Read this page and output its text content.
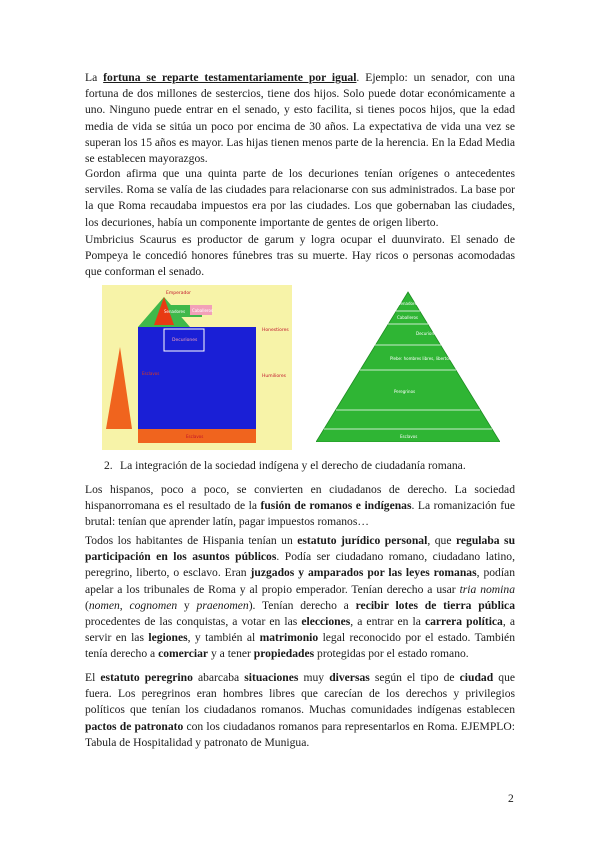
La fortuna se reparte testamentariamente por igual. Ejemplo: un senador, con una fortuna de dos millones de sestercios, tiene dos hijos. Solo puede dotar económicamente a uno. Ninguno puede entrar en el senado, y esto facilita, si tienes pocos hijos, que la edad media de vida se sitúa un poco por encima de 30 años. La expectativa de vida una vez se superan los 15 años es mayor. Las hijas tienen menos parte de la herencia. En la Edad Media se establecen mayorazgos.

Gordon afirma que una quinta parte de los decuriones tenían orígenes o antecedentes serviles. Roma se valía de las ciudades para relacionarse con sus administrados. La base por la que Roma recaudaba impuestos era por las ciudades. Los que gobernaban las ciudades, los decuriones, había un componente importante de gentes de origen liberto.

Umbricius Scaurus es productor de garum y logra ocupar el duunvirato. El senado de Pompeya le concedió honores fúnebres tras su muerte. Hay ricos o personas acomodadas que conforman el senado.

Emperador
Senadores Caballeros
Decuriones
Honestiores
Humiliores
Esclavos
Esclavos
Senadores
Caballeros
Decuriones (elite municipal)
Plebe: hombres libres, libertos
Peregrinos
Esclavos
2. La integración de la sociedad indígena y el derecho de ciudadanía romana.

Los hispanos, poco a poco, se convierten en ciudadanos de derecho. La sociedad hispanorromana es el resultado de la fusión de romanos e indígenas. La romanización fue brutal: tenían que aprender latín, pagar impuestos romanos…

Todos los habitantes de Hispania tenían un estatuto jurídico personal, que regulaba su participación en los asuntos públicos. Podía ser ciudadano romano, ciudadano latino, peregrino, liberto, o esclavo. Eran juzgados y amparados por las leyes romanas, podían apelar a los tribunales de Roma y al propio emperador. Tenían derecho a usar tria nomina (nomen, cognomen y praenomen). Tenían derecho a recibir lotes de tierra pública procedentes de las conquistas, a votar en las elecciones, a entrar en la carrera política, a servir en las legiones, y también al matrimonio legal reconocido por el estado. También tenía derecho a comerciar y a tener propiedades protegidas por el estado romano.

El estatuto peregrino abarcaba situaciones muy diversas según el tipo de ciudad que fuera. Los peregrinos eran hombres libres que carecían de los derechos y privilegios políticos que tenían los ciudadanos romanos. Muchas comunidades indígenas establecen pactos de patronato con los ciudadanos romanos para representarlos en Roma. EJEMPLO: Tabula de Hospitalidad y patronato de Munigua.

2
